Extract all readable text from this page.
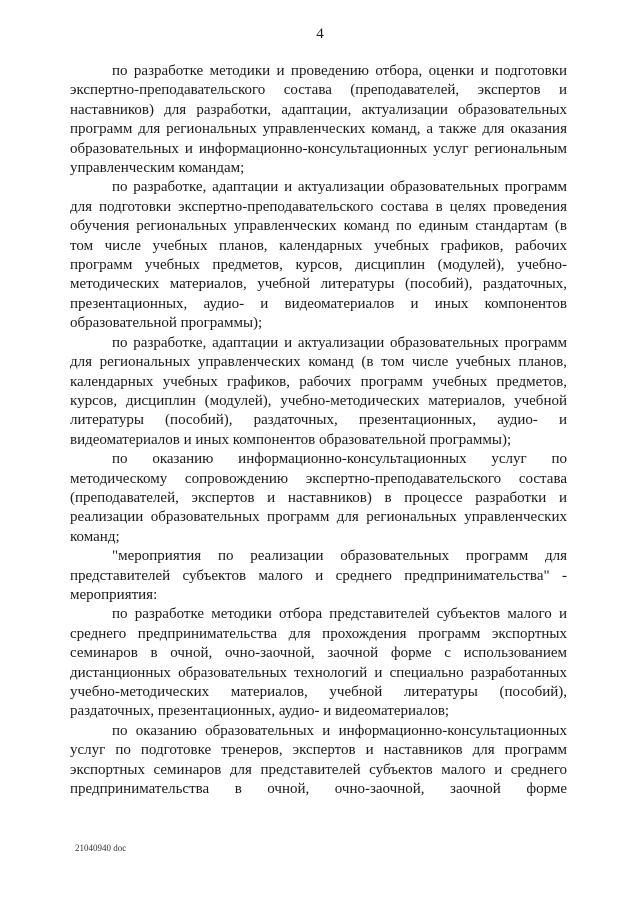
4

по разработке методики и проведению отбора, оценки и подготовки экспертно-преподавательского состава (преподавателей, экспертов и наставников) для разработки, адаптации, актуализации образовательных программ для региональных управленческих команд, а также для оказания образовательных и информационно-консультационных услуг региональным управленческим командам;

по разработке, адаптации и актуализации образовательных программ для подготовки экспертно-преподавательского состава в целях проведения обучения региональных управленческих команд по единым стандартам (в том числе учебных планов, календарных учебных графиков, рабочих программ учебных предметов, курсов, дисциплин (модулей), учебно-методических материалов, учебной литературы (пособий), раздаточных, презентационных, аудио- и видеоматериалов и иных компонентов образовательной программы);

по разработке, адаптации и актуализации образовательных программ для региональных управленческих команд (в том числе учебных планов, календарных учебных графиков, рабочих программ учебных предметов, курсов, дисциплин (модулей), учебно-методических материалов, учебной литературы (пособий), раздаточных, презентационных, аудио- и видеоматериалов и иных компонентов образовательной программы);

по оказанию информационно-консультационных услуг по методическому сопровождению экспертно-преподавательского состава (преподавателей, экспертов и наставников) в процессе разработки и реализации образовательных программ для региональных управленческих команд;

"мероприятия по реализации образовательных программ для представителей субъектов малого и среднего предпринимательства" - мероприятия:

по разработке методики отбора представителей субъектов малого и среднего предпринимательства для прохождения программ экспортных семинаров в очной, очно-заочной, заочной форме с использованием дистанционных образовательных технологий и специально разработанных учебно-методических материалов, учебной литературы (пособий), раздаточных, презентационных, аудио- и видеоматериалов;

по оказанию образовательных и информационно-консультационных услуг по подготовке тренеров, экспертов и наставников для программ экспортных семинаров для представителей субъектов малого и среднего предпринимательства в очной, очно-заочной, заочной форме

21040940 doc
